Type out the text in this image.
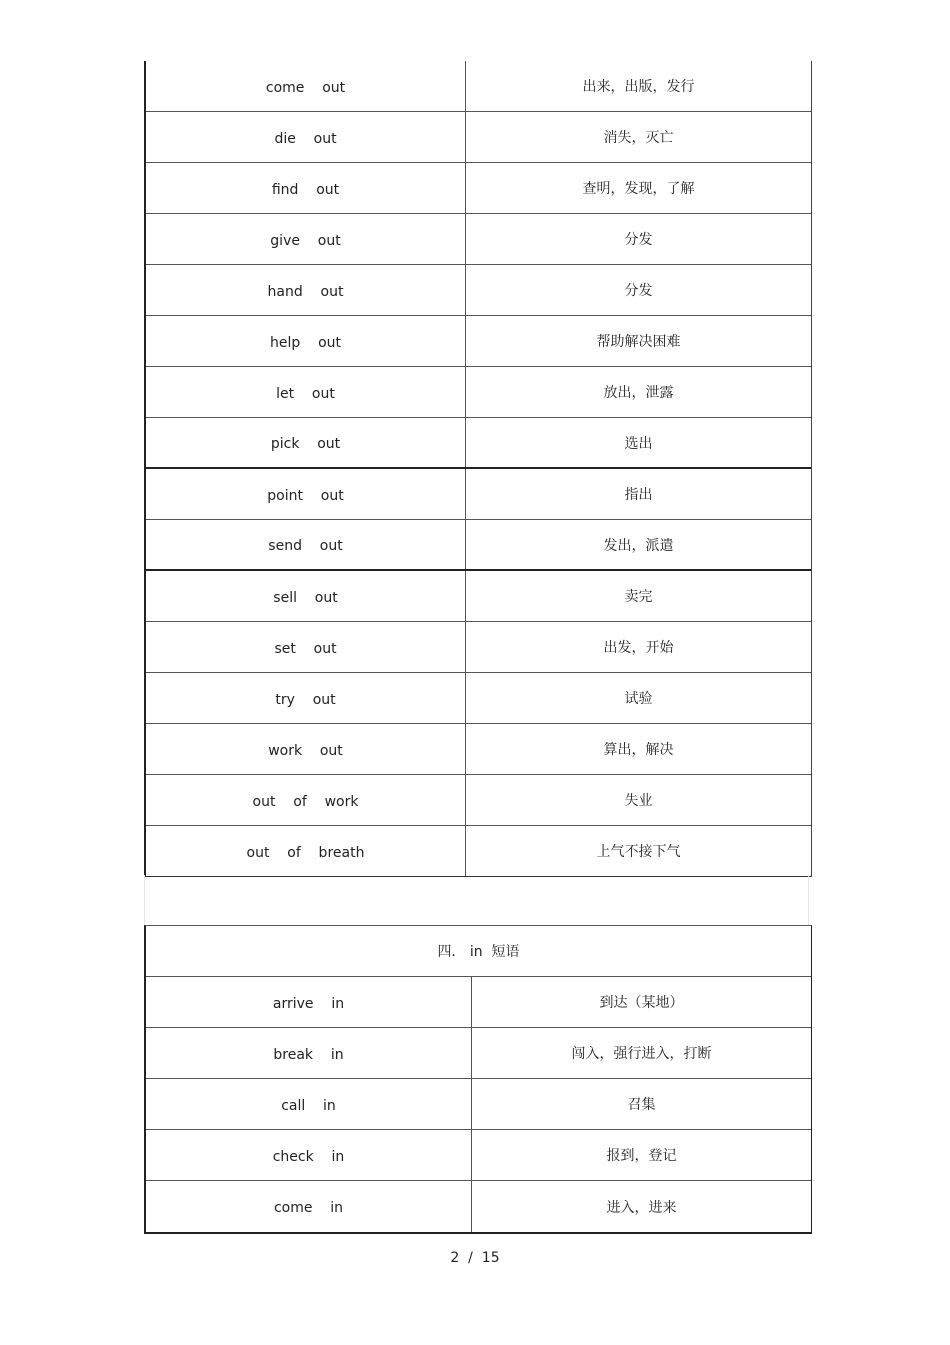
come    out	出来，出版，发行
die    out	消失，灭亡
find    out	查明，发现，了解
give    out	分发
hand    out	分发
help    out	帮助解决困难
let    out	放出，泄露
pick    out	选出
point    out	指出
send    out	发出，派遣
sell    out	卖完
set    out	出发，开始
try    out	试验
work    out	算出，解决
out    of    work	失业
out    of    breath	上气不接下气
四． in  短语
arrive    in	到达（某地）
break    in	闯入，强行进入，打断
call    in	召集
check    in	报到，登记
come    in	进入，进来
2  /  15
